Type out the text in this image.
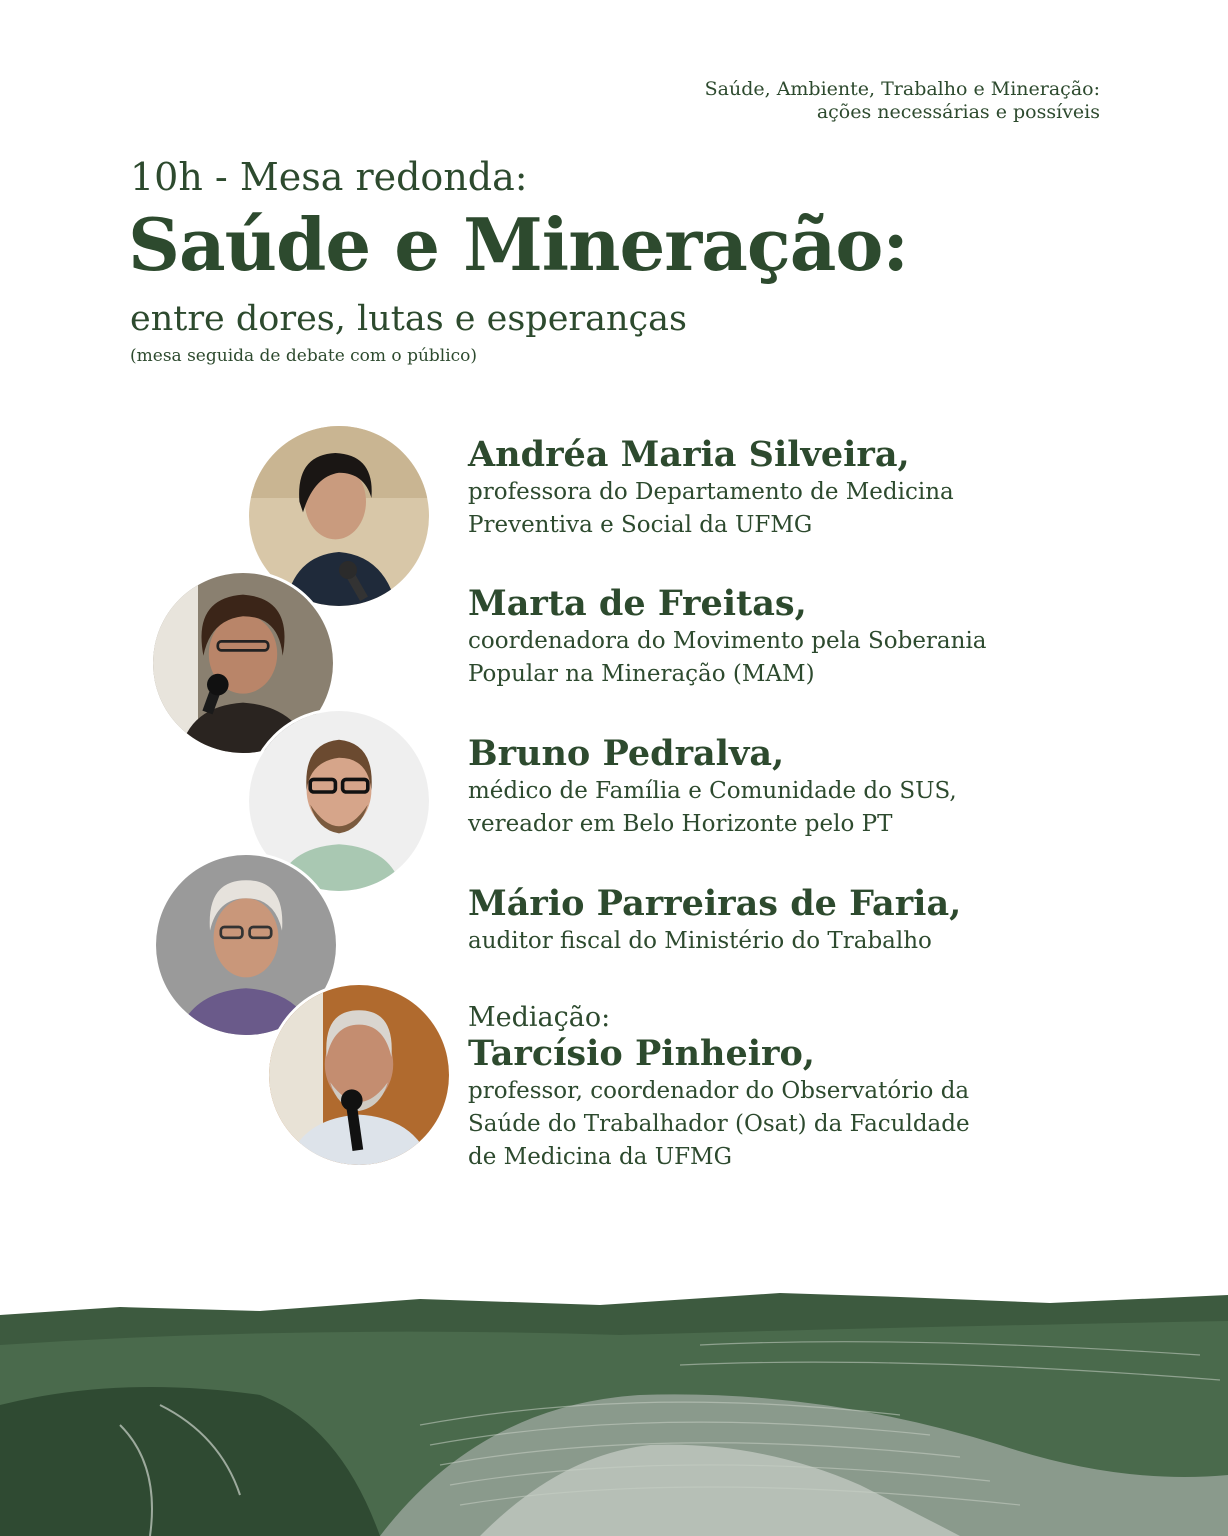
Saúde, Ambiente, Trabalho e Mineração:
ações necessárias e possíveis
10h - Mesa redonda:
Saúde e Mineração:
entre dores, lutas e esperanças
(mesa seguida de debate com o público)
Andréa Maria Silveira,
professora do Departamento de Medicina
Preventiva e Social da UFMG
Marta de Freitas,
coordenadora do Movimento pela Soberania
Popular na Mineração (MAM)
Bruno Pedralva,
médico de Família e Comunidade do SUS,
vereador em Belo Horizonte pelo PT
Mário Parreiras de Faria,
auditor fiscal do Ministério do Trabalho
Mediação:
Tarcísio Pinheiro,
professor, coordenador do Observatório da
Saúde do Trabalhador (Osat) da Faculdade
de Medicina da UFMG
